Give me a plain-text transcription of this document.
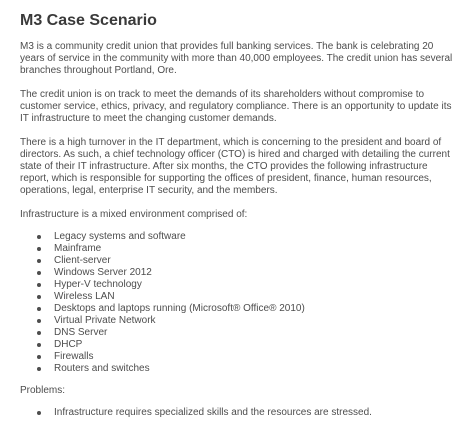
M3 Case Scenario

M3 is a community credit union that provides full banking services. The bank is celebrating 20 years of service in the community with more than 40,000 employees. The credit union has several branches throughout Portland, Ore.

The credit union is on track to meet the demands of its shareholders without compromise to customer service, ethics, privacy, and regulatory compliance. There is an opportunity to update its IT infrastructure to meet the changing customer demands.

There is a high turnover in the IT department, which is concerning to the president and board of directors. As such, a chief technology officer (CTO) is hired and charged with detailing the current state of their IT infrastructure. After six months, the CTO provides the following infrastructure report, which is responsible for supporting the offices of president, finance, human resources, operations, legal, enterprise IT security, and the members.

Infrastructure is a mixed environment comprised of:

Legacy systems and software
Mainframe
Client-server
Windows Server 2012
Hyper-V technology
Wireless LAN
Desktops and laptops running (Microsoft® Office® 2010)
Virtual Private Network
DNS Server
DHCP
Firewalls
Routers and switches

Problems:

Infrastructure requires specialized skills and the resources are stressed.
